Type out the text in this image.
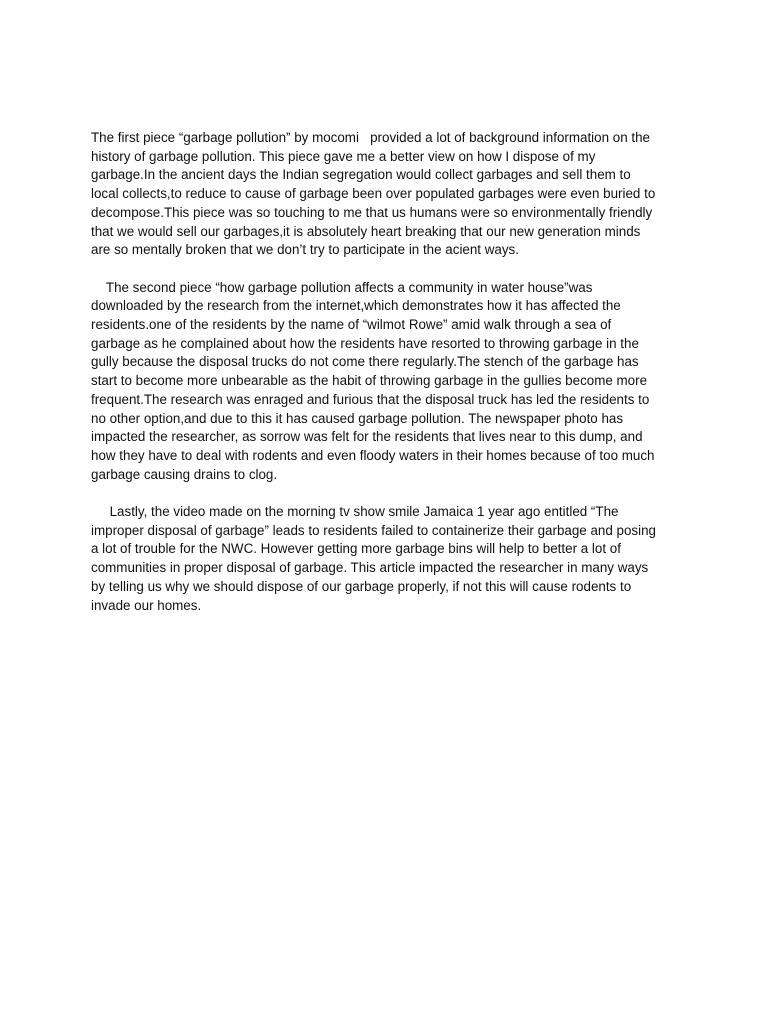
The first piece “garbage pollution” by mocomi   provided a lot of background information on the
history of garbage pollution. This piece gave me a better view on how I dispose of my
garbage.In the ancient days the Indian segregation would collect garbages and sell them to
local collects,to reduce to cause of garbage been over populated garbages were even buried to
decompose.This piece was so touching to me that us humans were so environmentally friendly
that we would sell our garbages,it is absolutely heart breaking that our new generation minds
are so mentally broken that we don’t try to participate in the acient ways.
The second piece “how garbage pollution affects a community in water house”was
downloaded by the research from the internet,which demonstrates how it has affected the
residents.one of the residents by the name of “wilmot Rowe” amid walk through a sea of
garbage as he complained about how the residents have resorted to throwing garbage in the
gully because the disposal trucks do not come there regularly.The stench of the garbage has
start to become more unbearable as the habit of throwing garbage in the gullies become more
frequent.The research was enraged and furious that the disposal truck has led the residents to
no other option,and due to this it has caused garbage pollution. The newspaper photo has
impacted the researcher, as sorrow was felt for the residents that lives near to this dump, and
how they have to deal with rodents and even floody waters in their homes because of too much
garbage causing drains to clog.
Lastly, the video made on the morning tv show smile Jamaica 1 year ago entitled “The
improper disposal of garbage” leads to residents failed to containerize their garbage and posing
a lot of trouble for the NWC. However getting more garbage bins will help to better a lot of
communities in proper disposal of garbage. This article impacted the researcher in many ways
by telling us why we should dispose of our garbage properly, if not this will cause rodents to
invade our homes.
